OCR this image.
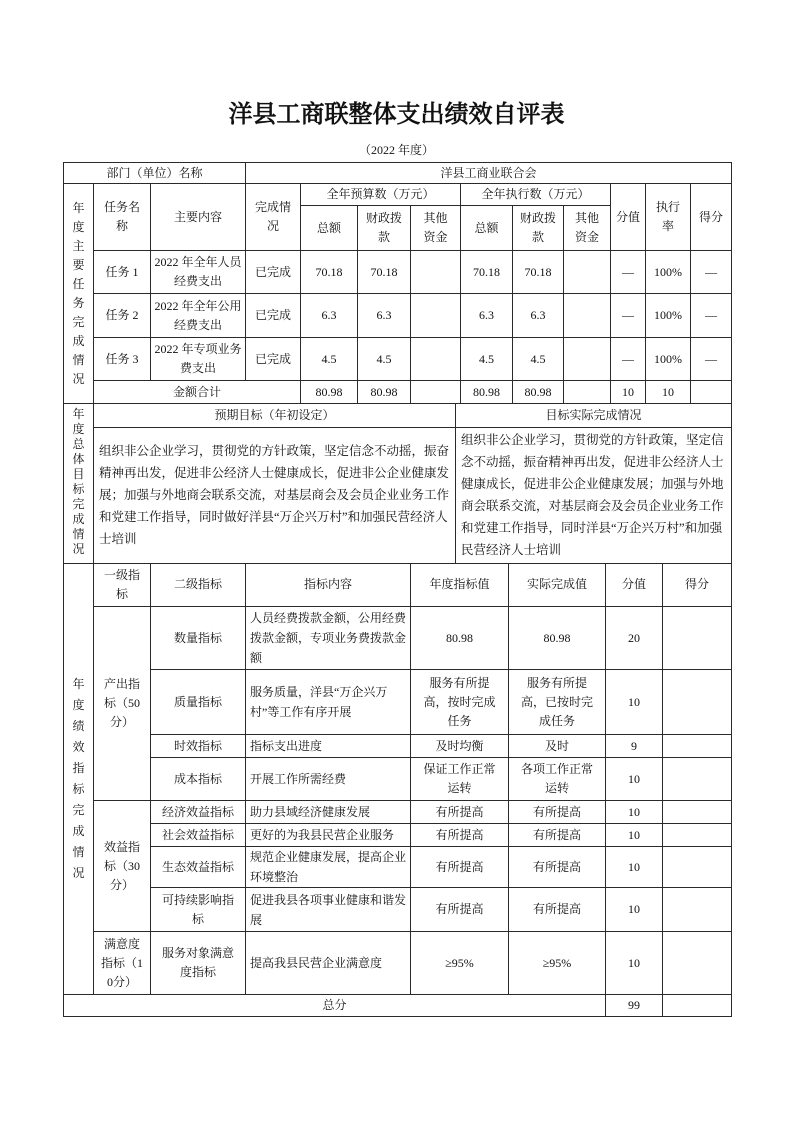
洋县工商联整体支出绩效自评表
（2022 年度）
部门（单位）名称			洋县工商业联合会									
年度主要任务完成情况	任务名称	主要内容	完成情况	全年预算数（万元）			全年执行数（万元）			分值	执行率	得分
				总额	财政拨款	其他资金	总额	财政拨款	其他资金			
	任务 1	2022 年全年人员经费支出	已完成	70.18	70.18		70.18	70.18		—	100%	—
	任务 2	2022 年全年公用经费支出	已完成	6.3	6.3		6.3	6.3		—	100%	—
	任务 3	2022 年专项业务费支出	已完成	4.5	4.5		4.5	4.5		—	100%	—
	金额合计			80.98	80.98		80.98	80.98		10	10	
年度总体目标完成情况	预期目标（年初设定）	目标实际完成情况
	组织非公企业学习，贯彻党的方针政策，坚定信念不动摇，振奋精神再出发，促进非公经济人士健康成长，促进非公企业健康发展；加强与外地商会联系交流，对基层商会及会员企业业务工作和党建工作指导，同时做好洋县“万企兴万村”和加强民营经济人士培训	组织非公企业学习，贯彻党的方针政策，坚定信念不动摇，振奋精神再出发，促进非公经济人士健康成长，促进非公企业健康发展；加强与外地商会联系交流，对基层商会及会员企业业务工作和党建工作指导，同时洋县“万企兴万村”和加强民营经济人士培训
年度绩效指标完成情况	一级指标	二级指标	指标内容	年度指标值	实际完成值	分值	得分
	产出指标（50分）	数量指标	人员经费拨款金额，公用经费拨款金额，专项业务费拨款金额	80.98	80.98	20	
		质量指标	服务质量，洋县“万企兴万村”等工作有序开展	服务有所提高，按时完成任务	服务有所提高，已按时完成任务	10	
		时效指标	指标支出进度	及时均衡	及时	9	
		成本指标	开展工作所需经费	保证工作正常运转	各项工作正常运转	10	
	效益指标（30分）	经济效益指标	助力县域经济健康发展	有所提高	有所提高	10	
		社会效益指标	更好的为我县民营企业服务	有所提高	有所提高	10	
		生态效益指标	规范企业健康发展，提高企业环境整治	有所提高	有所提高	10	
		可持续影响指标	促进我县各项事业健康和谐发展	有所提高	有所提高	10	
	满意度指标（10分）	服务对象满意度指标	提高我县民营企业满意度	≥95%	≥95%	10	
总分						99	
